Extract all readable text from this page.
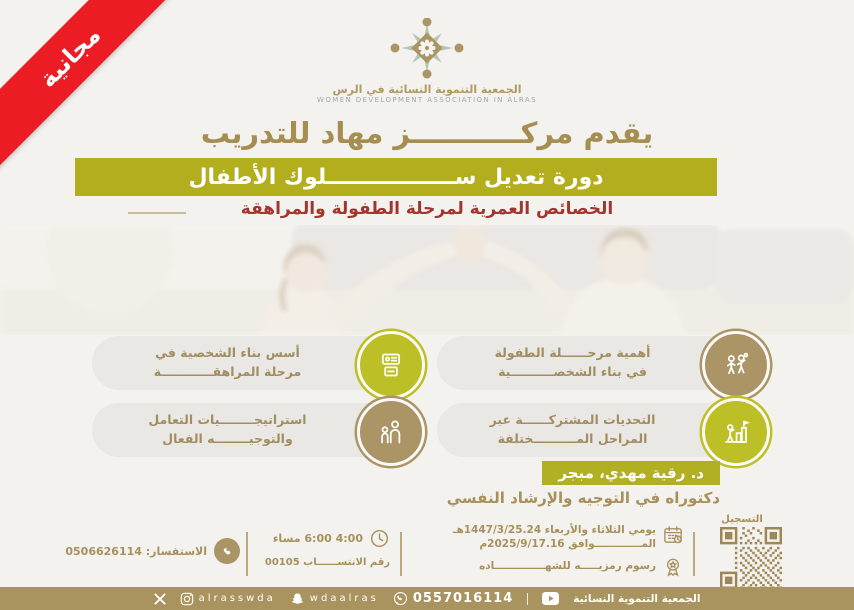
مجانية	الجمعية التنموية النسائية في الرس
WOMEN DEVELOPMENT ASSOCIATION IN ALRAS
يقدم مركـــــــــــز مهاد للتدريب
دورة تعديل ســـــــــــــــــلوك الأطفال
الخصائص العمرية لمرحلة الطفولة والمراهقة
أهمية مرحــــــلة الطفولة
في بناء الشخصــــــــــية
أسس بناء الشخصية في
مرحلة المراهقــــــــــــة
التحديات المشتركــــــة عبر
المراحل المــــــــــختلفة
استراتيجــــــــيات التعامل
والتوجيــــــــه الفعال
د. رقية مهدي، مبجر
دكتوراه في التوجيه والإرشاد النفسي
التسجيل
يومي الثلاثاء والأربعاء 1447/3/25.24هـ
المـــــــــــــوافق 2025/9/17.16م
رسوم رمزيـــــه للشهــــــــــــــاده
4:00 6:00 مساء
رقم الانتســــــاب 00105
الاستفسار: 0506626114
alrasswda	wdaalras	0557016114	الجمعية التنموية النسائية
